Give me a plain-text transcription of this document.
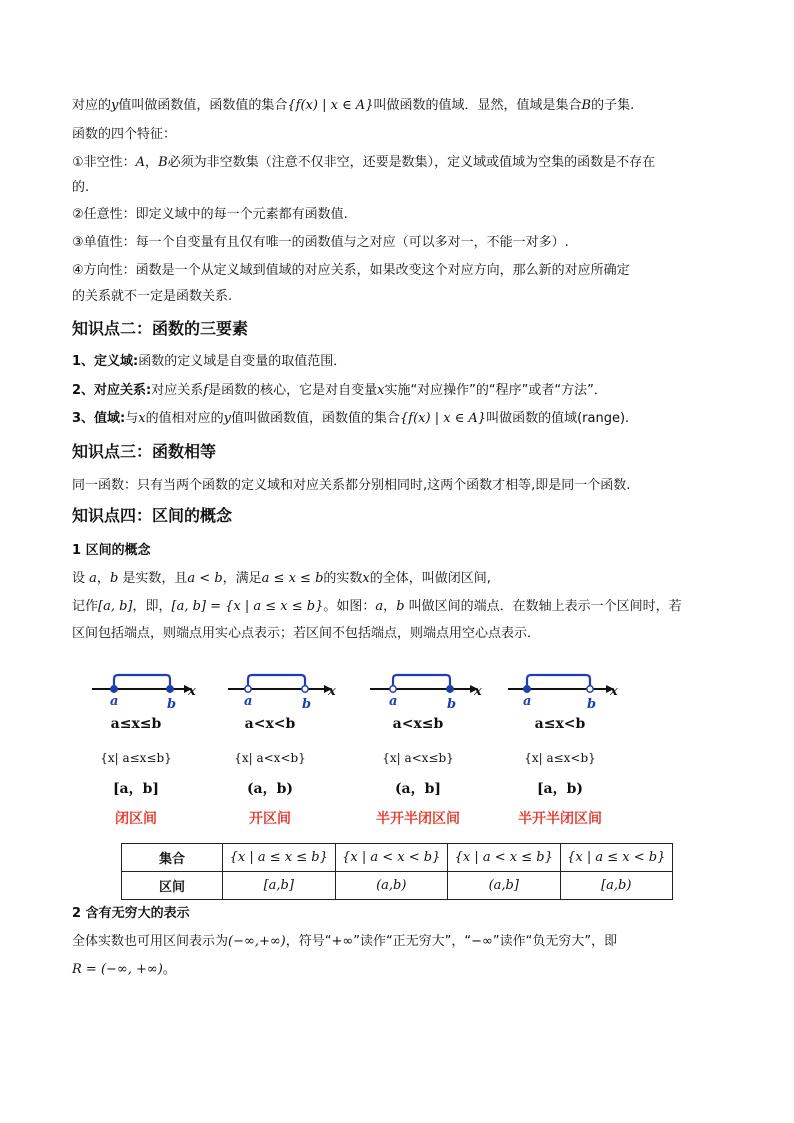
对应的y值叫做函数值，函数值的集合{f(x) | x ∈ A}叫做函数的值域．显然，值域是集合B的子集.
函数的四个特征：
①非空性：A，B必须为非空数集（注意不仅非空，还要是数集），定义域或值域为空集的函数是不存在
的.
②任意性：即定义域中的每一个元素都有函数值.
③单值性：每一个自变量有且仅有唯一的函数值与之对应（可以多对一，不能一对多）.
④方向性：函数是一个从定义域到值域的对应关系，如果改变这个对应方向，那么新的对应所确定
的关系就不一定是函数关系.
知识点二：函数的三要素
1、定义域:函数的定义域是自变量的取值范围．
2、对应关系:对应关系f是函数的核心，它是对自变量x实施“对应操作”的“程序”或者“方法”．
3、值域:与x的值相对应的y值叫做函数值，函数值的集合{f(x) | x ∈ A}叫做函数的值域(range).
知识点三：函数相等
同一函数：只有当两个函数的定义域和对应关系都分别相同时,这两个函数才相等,即是同一个函数.
知识点四：区间的概念
1 区间的概念
设 a，b 是实数，且a < b，满足a ≤ x ≤ b的实数x的全体，叫做闭区间,
记作[a, b]，即，[a, b] = {x | a ≤ x ≤ b}。如图：a，b 叫做区间的端点．在数轴上表示一个区间时，若
区间包括端点，则端点用实心点表示；若区间不包括端点，则端点用空心点表示．
x
a	b
a≤x≤b
{x| a≤x≤b}
[a，b]
闭区间
x
a	b
a<x<b
{x| a<x<b}
(a，b)
开区间
x
a	b
a<x≤b
{x| a<x≤b}
(a，b]
半开半闭区间
x
a	b
a≤x<b
{x| a≤x<b}
[a，b)
半开半闭区间
集合	{x | a ≤ x ≤ b}	{x | a < x < b}	{x | a < x ≤ b}	{x | a ≤ x < b}
区间	[a,b]	(a,b)	(a,b]	[a,b)
2 含有无穷大的表示
全体实数也可用区间表示为(−∞,+∞)，符号“+∞”读作“正无穷大”，“−∞”读作“负无穷大”，即
R = (−∞, +∞)。
